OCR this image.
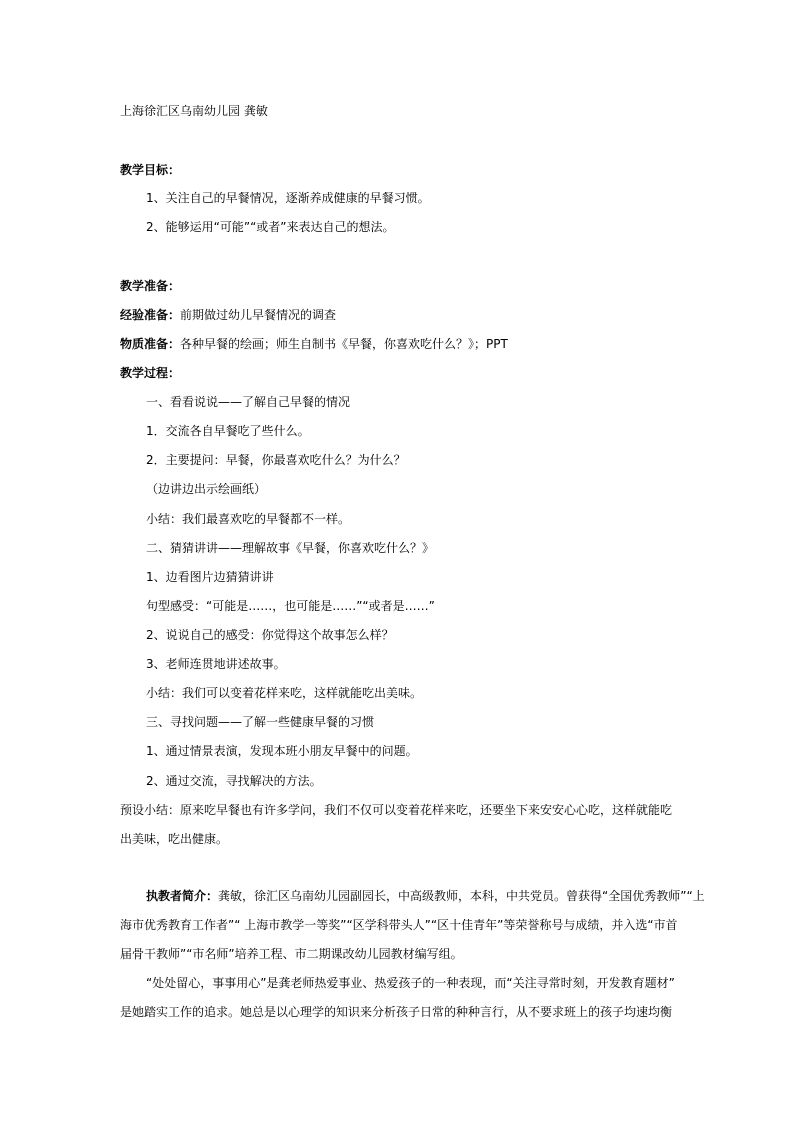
上海徐汇区乌南幼儿园 龚敏
教学目标：
1、关注自己的早餐情况，逐渐养成健康的早餐习惯。
2、能够运用“可能”“或者”来表达自己的想法。
教学准备：
经验准备：前期做过幼儿早餐情况的调查
物质准备：各种早餐的绘画；师生自制书《早餐，你喜欢吃什么？》；PPT
教学过程：
一、看看说说——了解自己早餐的情况
1．交流各自早餐吃了些什么。
2．主要提问：早餐，你最喜欢吃什么？为什么？
（边讲边出示绘画纸）
小结：我们最喜欢吃的早餐都不一样。
二、猜猜讲讲——理解故事《早餐，你喜欢吃什么？》
1、边看图片边猜猜讲讲
句型感受：“可能是……，也可能是……”“或者是……”
2、说说自己的感受：你觉得这个故事怎么样？
3、老师连贯地讲述故事。
小结：我们可以变着花样来吃，这样就能吃出美味。
三、寻找问题——了解一些健康早餐的习惯
1、通过情景表演，发现本班小朋友早餐中的问题。
2、通过交流，寻找解决的方法。
预设小结：原来吃早餐也有许多学问，我们不仅可以变着花样来吃，还要坐下来安安心心吃，这样就能吃
出美味，吃出健康。
执教者简介：龚敏，徐汇区乌南幼儿园副园长，中高级教师，本科，中共党员。曾获得“全国优秀教师”“上
海市优秀教育工作者”“ 上海市教学一等奖”“区学科带头人”“区十佳青年”等荣誉称号与成绩，并入选“市首
届骨干教师”“市名师”培养工程、市二期课改幼儿园教材编写组。
“处处留心，事事用心”是龚老师热爱事业、热爱孩子的一种表现，而“关注寻常时刻，开发教育题材”
是她踏实工作的追求。她总是以心理学的知识来分析孩子日常的种种言行，从不要求班上的孩子均速均衡
